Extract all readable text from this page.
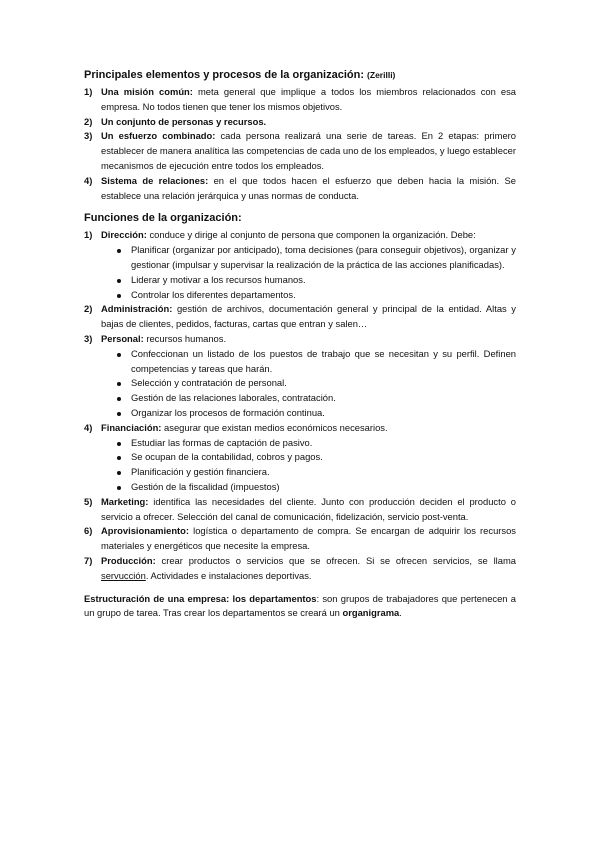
Principales elementos y procesos de la organización: (Zerilli)
1) Una misión común: meta general que implique a todos los miembros relacionados con esa empresa. No todos tienen que tener los mismos objetivos.
2) Un conjunto de personas y recursos.
3) Un esfuerzo combinado: cada persona realizará una serie de tareas. En 2 etapas: primero establecer de manera analítica las competencias de cada uno de los empleados, y luego establecer mecanismos de ejecución entre todos los empleados.
4) Sistema de relaciones: en el que todos hacen el esfuerzo que deben hacia la misión. Se establece una relación jerárquica y unas normas de conducta.
Funciones de la organización:
1) Dirección: conduce y dirige al conjunto de persona que componen la organización. Debe:
Planificar (organizar por anticipado), toma decisiones (para conseguir objetivos), organizar y gestionar (impulsar y supervisar la realización de la práctica de las acciones planificadas).
Liderar y motivar a los recursos humanos.
Controlar los diferentes departamentos.
2) Administración: gestión de archivos, documentación general y principal de la entidad. Altas y bajas de clientes, pedidos, facturas, cartas que entran y salen…
3) Personal: recursos humanos.
Confeccionan un listado de los puestos de trabajo que se necesitan y su perfil. Definen competencias y tareas que harán.
Selección y contratación de personal.
Gestión de las relaciones laborales, contratación.
Organizar los procesos de formación continua.
4) Financiación: asegurar que existan medios económicos necesarios.
Estudiar las formas de captación de pasivo.
Se ocupan de la contabilidad, cobros y pagos.
Planificación y gestión financiera.
Gestión de la fiscalidad (impuestos)
5) Marketing: identifica las necesidades del cliente. Junto con producción deciden el producto o servicio a ofrecer. Selección del canal de comunicación, fidelización, servicio post-venta.
6) Aprovisionamiento: logística o departamento de compra. Se encargan de adquirir los recursos materiales y energéticos que necesite la empresa.
7) Producción: crear productos o servicios que se ofrecen. Si se ofrecen servicios, se llama servucción. Actividades e instalaciones deportivas.

Estructuración de una empresa: los departamentos: son grupos de trabajadores que pertenecen a un grupo de tarea. Tras crear los departamentos se creará un organigrama.
